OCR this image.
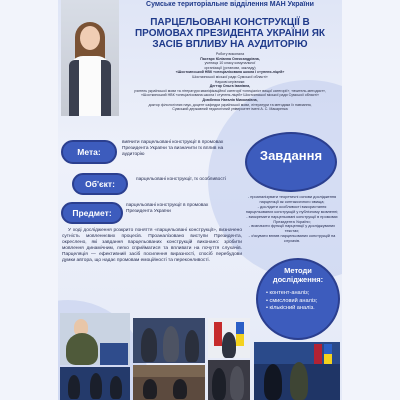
Сумське територіальне відділення МАН України
ПАРЦЕЛЬОВАНІ КОНСТРУКЦІЇ В ПРОМОВАХ ПРЕЗИДЕНТА УКРАЇНИ ЯК ЗАСІБ ВПЛИВУ НА АУДИТОРІЮ
Роботу виконала
Пастарх Юліанна Олександрівна,
учениця 10 класу комунальної
організації (установи, закладу)
«Шосткинський НВК «спеціалізована школа І ступеня-ліцей»
Шосткинської міської ради Сумської області»
Наукові керівники:
Дегтяр Ольга Іванівна,
учитель української мови та літератури кваліфікаційної категорії «спеціаліст вищої категорії», «вчитель-методист»,
«Шосткинський НВК «спеціалізована школа І ступеня-ліцей» Шосткинської міської ради Сумської області»
Дзюбенко Наталія Миколаївна,
доктор філологічних наук, доцент кафедри української мови, літератури та методики їх навчання,
Сумський державний педагогічний університет імені А. С. Макаренка
Мета:
вивчити парцельовані конструкції в промовах Президента України та визначити їх вплив на аудиторію
Об'єкт:	парцельовані конструкції, їх особливості
Предмет:
парцельовані конструкції в промовах Президента України
Завдання
- проаналізувати теоретичні основи дослідження парцеляції як синтаксичного явища;
- дослідити особливості використання парцельованих конструкцій у публічному мовленні;
- виокремити парцельовані конструкції в промовах Президента України;
- визначити функції парцеляції у досліджуваних текстах;
- з'ясувати вплив парцельованих конструкцій на слухачів.
У ході дослідження розкрито поняття «парцельовані конструкції», визначено сутність мовленнєвих процесів. Проаналізовано виступи Президента, окреслено, які завдання парцельованих конструкцій виконано: зробити мовлення динамічним, легко сприйматися та впливати на почуття слухачів. Парцеляція — ефективний засіб посилення виразності, спосіб перебудови думки автора, що надає промовам емоційності та переконливості.
Методи дослідження:
• контент-аналіз;
• смисловий аналіз;
• кількісний аналіз.
